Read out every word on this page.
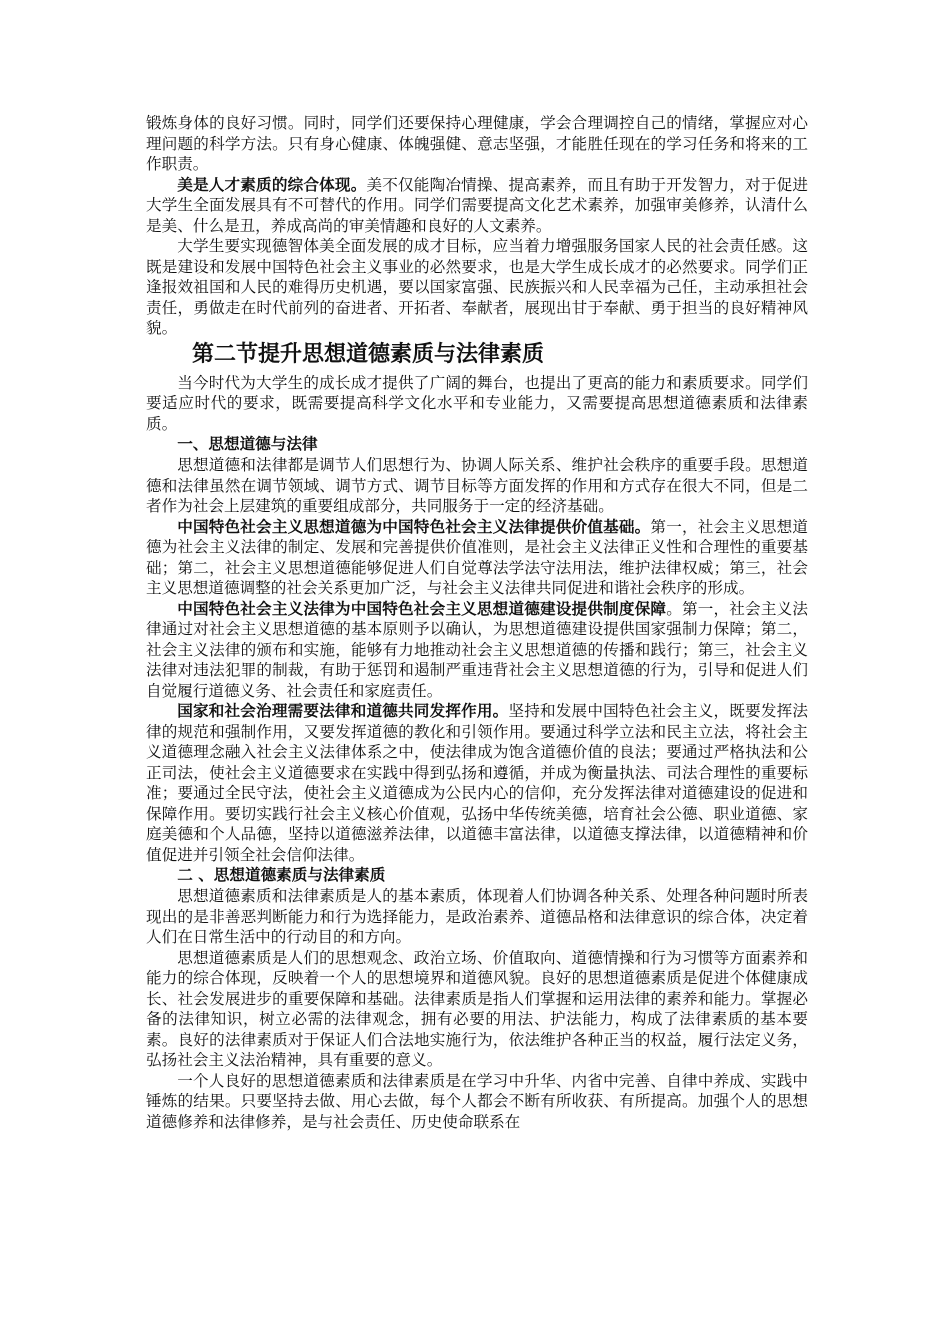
锻炼身体的良好习惯。同时，同学们还要保持心理健康，学会合理调控自己的情绪，掌握应对心理问题的科学方法。只有身心健康、体魄强健、意志坚强，才能胜任现在的学习任务和将来的工作职责。

美是人才素质的综合体现。美不仅能陶冶情操、提高素养，而且有助于开发智力，对于促进大学生全面发展具有不可替代的作用。同学们需要提高文化艺术素养，加强审美修养，认清什么是美、什么是丑，养成高尚的审美情趣和良好的人文素养。

大学生要实现德智体美全面发展的成才目标，应当着力增强服务国家人民的社会责任感。这既是建设和发展中国特色社会主义事业的必然要求，也是大学生成长成才的必然要求。同学们正逢报效祖国和人民的难得历史机遇，要以国家富强、民族振兴和人民幸福为己任，主动承担社会责任，勇做走在时代前列的奋进者、开拓者、奉献者，展现出甘于奉献、勇于担当的良好精神风貌。

第二节提升思想道德素质与法律素质

当今时代为大学生的成长成才提供了广阔的舞台，也提出了更高的能力和素质要求。同学们要适应时代的要求，既需要提高科学文化水平和专业能力，又需要提高思想道德素质和法律素质。

一、思想道德与法律

思想道德和法律都是调节人们思想行为、协调人际关系、维护社会秩序的重要手段。思想道德和法律虽然在调节领域、调节方式、调节目标等方面发挥的作用和方式存在很大不同，但是二者作为社会上层建筑的重要组成部分，共同服务于一定的经济基础。

中国特色社会主义思想道德为中国特色社会主义法律提供价值基础。第一，社会主义思想道德为社会主义法律的制定、发展和完善提供价值准则，是社会主义法律正义性和合理性的重要基础；第二，社会主义思想道德能够促进人们自觉尊法学法守法用法，维护法律权威；第三，社会主义思想道德调整的社会关系更加广泛，与社会主义法律共同促进和谐社会秩序的形成。

中国特色社会主义法律为中国特色社会主义思想道德建设提供制度保障。第一，社会主义法律通过对社会主义思想道德的基本原则予以确认，为思想道德建设提供国家强制力保障；第二，社会主义法律的颁布和实施，能够有力地推动社会主义思想道德的传播和践行；第三，社会主义法律对违法犯罪的制裁，有助于惩罚和遏制严重违背社会主义思想道德的行为，引导和促进人们自觉履行道德义务、社会责任和家庭责任。

国家和社会治理需要法律和道德共同发挥作用。坚持和发展中国特色社会主义，既要发挥法律的规范和强制作用，又要发挥道德的教化和引领作用。要通过科学立法和民主立法，将社会主义道德理念融入社会主义法律体系之中，使法律成为饱含道德价值的良法；要通过严格执法和公正司法，使社会主义道德要求在实践中得到弘扬和遵循，并成为衡量执法、司法合理性的重要标准；要通过全民守法，使社会主义道德成为公民内心的信仰，充分发挥法律对道德建设的促进和保障作用。要切实践行社会主义核心价值观，弘扬中华传统美德，培育社会公德、职业道德、家庭美德和个人品德，坚持以道德滋养法律，以道德丰富法律，以道德支撑法律，以道德精神和价值促进并引领全社会信仰法律。

二 、思想道德素质与法律素质

思想道德素质和法律素质是人的基本素质，体现着人们协调各种关系、处理各种问题时所表现出的是非善恶判断能力和行为选择能力，是政治素养、道德品格和法律意识的综合体，决定着人们在日常生活中的行动目的和方向。

思想道德素质是人们的思想观念、政治立场、价值取向、道德情操和行为习惯等方面素养和能力的综合体现，反映着一个人的思想境界和道德风貌。良好的思想道德素质是促进个体健康成长、社会发展进步的重要保障和基础。法律素质是指人们掌握和运用法律的素养和能力。掌握必备的法律知识，树立必需的法律观念，拥有必要的用法、护法能力，构成了法律素质的基本要素。良好的法律素质对于保证人们合法地实施行为，依法维护各种正当的权益，履行法定义务，弘扬社会主义法治精神，具有重要的意义。

一个人良好的思想道德素质和法律素质是在学习中升华、内省中完善、自律中养成、实践中锤炼的结果。只要坚持去做、用心去做，每个人都会不断有所收获、有所提高。加强个人的思想道德修养和法律修养，是与社会责任、历史使命联系在
